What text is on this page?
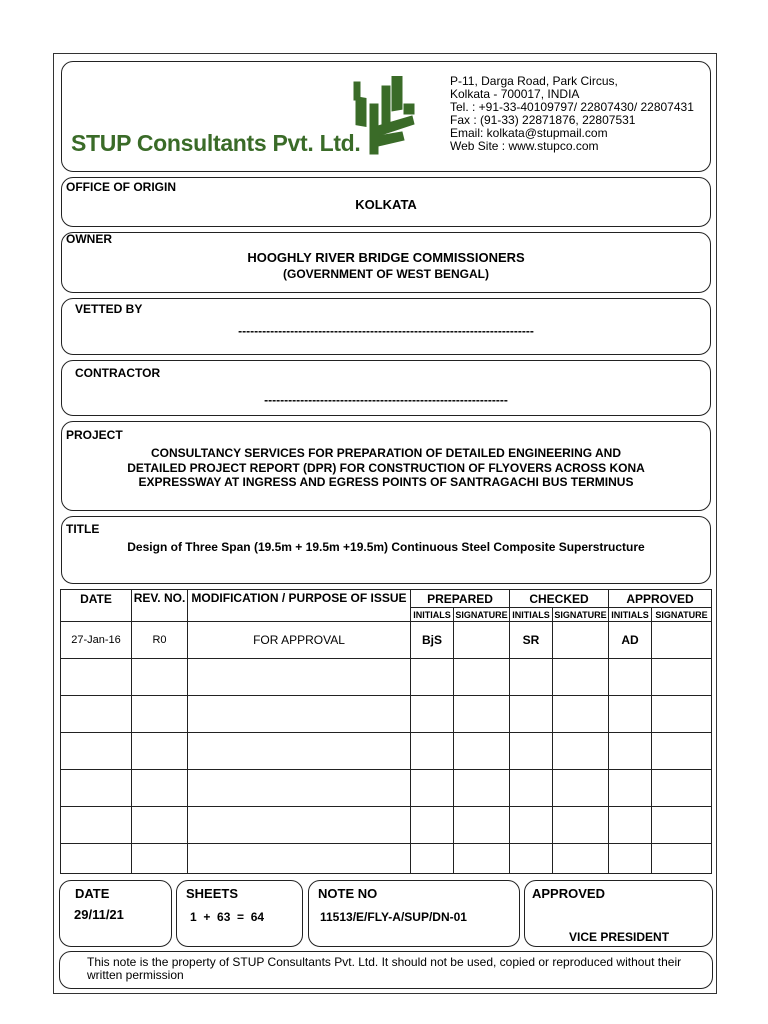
STUP Consultants Pvt. Ltd.
P-11, Darga Road, Park Circus,
Kolkata - 700017, INDIA
Tel. : +91-33-40109797/ 22807430/ 22807431
Fax : (91-33) 22871876, 22807531
Email: kolkata@stupmail.com
Web Site : www.stupco.com
OFFICE OF ORIGIN
KOLKATA
OWNER
HOOGHLY RIVER BRIDGE COMMISSIONERS
(GOVERNMENT OF WEST BENGAL)
VETTED BY
--------------------------------------------------------------------------
CONTRACTOR
-------------------------------------------------------------
PROJECT
CONSULTANCY SERVICES FOR PREPARATION OF DETAILED ENGINEERING AND
DETAILED PROJECT REPORT (DPR) FOR CONSTRUCTION OF FLYOVERS ACROSS KONA
EXPRESSWAY AT INGRESS AND EGRESS POINTS OF SANTRAGACHI BUS TERMINUS
TITLE
Design of Three Span (19.5m + 19.5m +19.5m) Continuous Steel Composite Superstructure
DATE	REV. NO.	MODIFICATION / PURPOSE OF ISSUE	PREPARED		CHECKED		APPROVED	
			INITIALS	SIGNATURE	INITIALS	SIGNATURE	INITIALS	SIGNATURE
27-Jan-16	R0	FOR APPROVAL	BjS		SR		AD	

DATE
29/11/21
SHEETS
1  +  63  =  64
NOTE NO
11513/E/FLY-A/SUP/DN-01
APPROVED
VICE PRESIDENT
This note is the property of STUP Consultants Pvt. Ltd. It should not be used, copied or reproduced without their written permission
